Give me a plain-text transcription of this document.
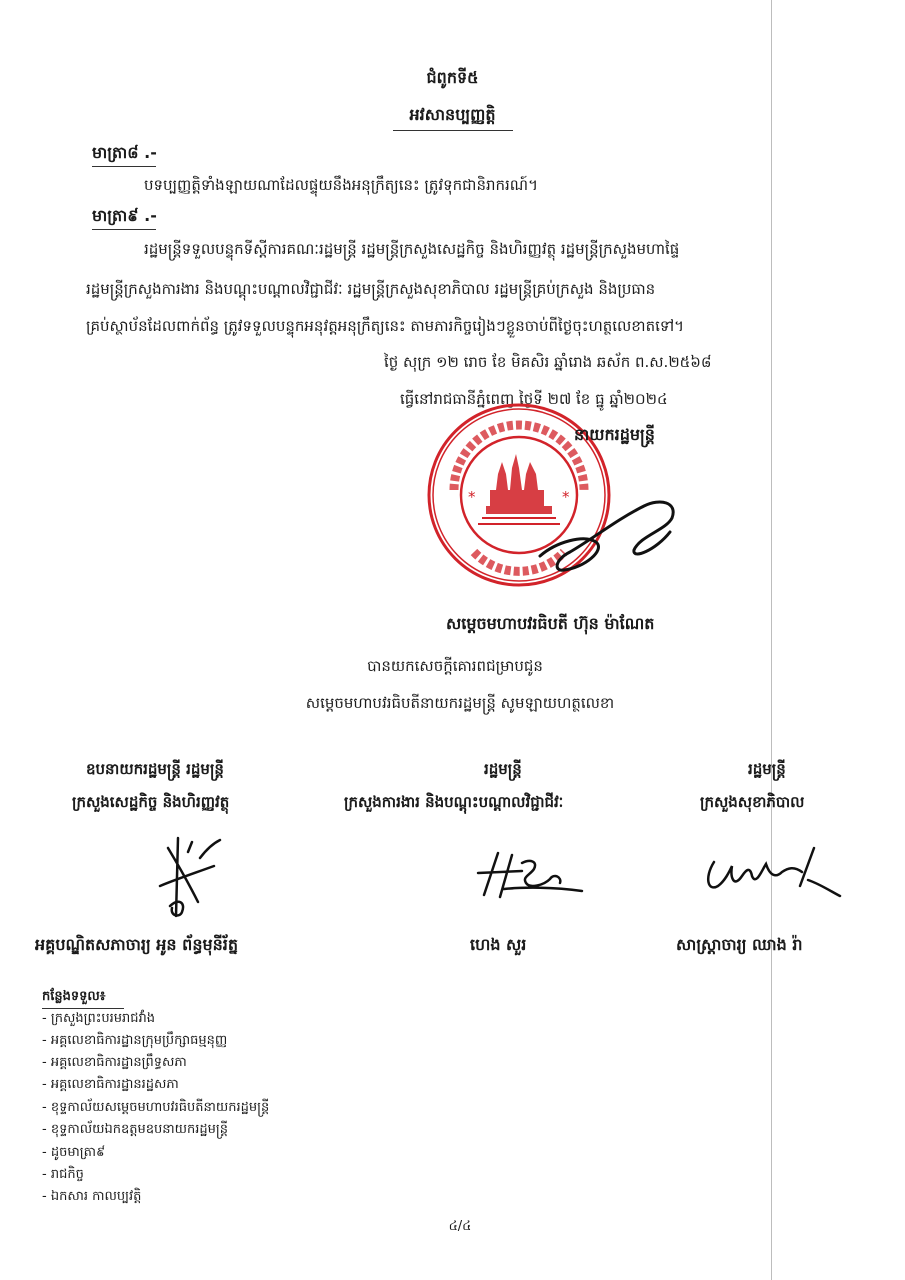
ជំពូកទី៥
អវសានប្បញ្ញត្តិ
មាត្រា៨ .-
បទប្បញ្ញត្តិទាំងឡាយណាដែលផ្ទុយនឹងអនុក្រឹត្យនេះ ត្រូវទុកជានិរាករណ៍។
មាត្រា៩ .-
រដ្ឋមន្ត្រីទទួលបន្ទុកទីស្តីការគណៈរដ្ឋមន្ត្រី រដ្ឋមន្ត្រីក្រសួងសេដ្ឋកិច្ច និងហិរញ្ញវត្ថុ រដ្ឋមន្ត្រីក្រសួងមហាផ្ទៃ
រដ្ឋមន្ត្រីក្រសួងការងារ និងបណ្តុះបណ្តាលវិជ្ជាជីវៈ រដ្ឋមន្ត្រីក្រសួងសុខាភិបាល រដ្ឋមន្ត្រីគ្រប់ក្រសួង និងប្រធាន
គ្រប់ស្ថាប័នដែលពាក់ព័ន្ធ ត្រូវទទួលបន្ទុកអនុវត្តអនុក្រឹត្យនេះ តាមភារកិច្ចរៀងៗខ្លួនចាប់ពីថ្ងៃចុះហត្ថលេខាតទៅ។
ថ្ងៃ សុក្រ ១២ រោច ខែ មិគសិរ ឆ្នាំរោង ឆស័ក ព.ស.២៥៦៨
ធ្វើនៅរាជធានីភ្នំពេញ ថ្ងៃទី ២៧ ខែ ធ្នូ ឆ្នាំ២០២៤
*	*
នាយករដ្ឋមន្ត្រី
សម្តេចមហាបវរធិបតី ហ៊ុន ម៉ាណែត
បានយកសេចក្តីគោរពជម្រាបជូន
សម្តេចមហាបវរធិបតីនាយករដ្ឋមន្ត្រី សូមឡាយហត្ថលេខា
ឧបនាយករដ្ឋមន្ត្រី រដ្ឋមន្ត្រី	រដ្ឋមន្ត្រី	រដ្ឋមន្ត្រី
ក្រសួងសេដ្ឋកិច្ច និងហិរញ្ញវត្ថុ	ក្រសួងការងារ និងបណ្តុះបណ្តាលវិជ្ជាជីវៈ	ក្រសួងសុខាភិបាល
អគ្គបណ្ឌិតសភាចារ្យ អូន ព័ន្ធមុនីរ័ត្ន	ហេង សួរ	សាស្ត្រាចារ្យ ឈាង រ៉ា
កន្លែងទទួល៖
- ក្រសួងព្រះបរមរាជវាំង
- អគ្គលេខាធិការដ្ឋានក្រុមប្រឹក្សាធម្មនុញ្ញ
- អគ្គលេខាធិការដ្ឋានព្រឹទ្ធសភា
- អគ្គលេខាធិការដ្ឋានរដ្ឋសភា
- ខុទ្ទកាល័យសម្តេចមហាបវរធិបតីនាយករដ្ឋមន្ត្រី
- ខុទ្ទកាល័យឯកឧត្តមឧបនាយករដ្ឋមន្ត្រី
- ដូចមាត្រា៩
- រាជកិច្ច
- ឯកសារ កាលប្បវត្តិ
៤/៤
